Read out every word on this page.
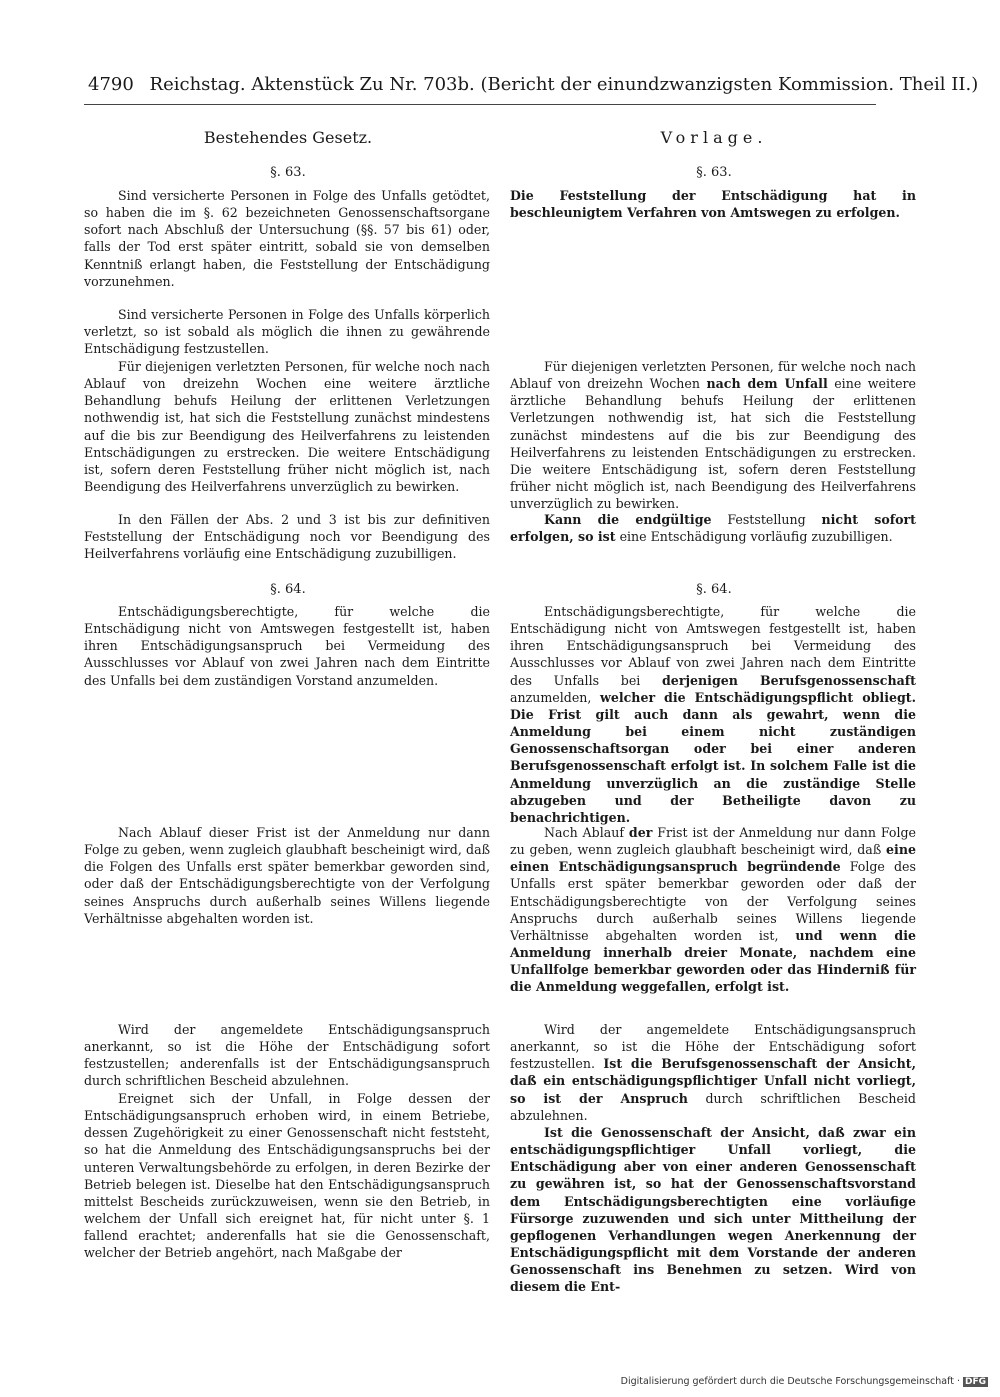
4790 Reichstag. Aktenstück Zu Nr. 703b. (Bericht der einundzwanzigsten Kommission. Theil II.)
Bestehendes Gesetz.	Vorlage.
§. 63.

Sind versicherte Personen in Folge des Unfalls getödtet, so haben die im §. 62 bezeichneten Genossenschaftsorgane sofort nach Abschluß der Untersuchung (§§. 57 bis 61) oder, falls der Tod erst später eintritt, sobald sie von demselben Kenntniß erlangt haben, die Feststellung der Entschädigung vorzunehmen.

Sind versicherte Personen in Folge des Unfalls körperlich verletzt, so ist sobald als möglich die ihnen zu gewährende Entschädigung festzustellen.

Für diejenigen verletzten Personen, für welche noch nach Ablauf von dreizehn Wochen eine weitere ärztliche Behandlung behufs Heilung der erlittenen Verletzungen nothwendig ist, hat sich die Feststellung zunächst mindestens auf die bis zur Beendigung des Heilverfahrens zu leistenden Entschädigungen zu erstrecken. Die weitere Entschädigung ist, sofern deren Feststellung früher nicht möglich ist, nach Beendigung des Heilverfahrens unverzüglich zu bewirken.

In den Fällen der Abs. 2 und 3 ist bis zur definitiven Feststellung der Entschädigung noch vor Beendigung des Heilverfahrens vorläufig eine Entschädigung zuzubilligen.

§. 64.

Entschädigungsberechtigte, für welche die Entschädigung nicht von Amtswegen festgestellt ist, haben ihren Entschädigungsanspruch bei Vermeidung des Ausschlusses vor Ablauf von zwei Jahren nach dem Eintritte des Unfalls bei dem zuständigen Vorstand anzumelden.

Nach Ablauf dieser Frist ist der Anmeldung nur dann Folge zu geben, wenn zugleich glaubhaft bescheinigt wird, daß die Folgen des Unfalls erst später bemerkbar geworden sind, oder daß der Entschädigungsberechtigte von der Verfolgung seines Anspruchs durch außerhalb seines Willens liegende Verhältnisse abgehalten worden ist.

Wird der angemeldete Entschädigungsanspruch anerkannt, so ist die Höhe der Entschädigung sofort festzustellen; anderenfalls ist der Entschädigungsanspruch durch schriftlichen Bescheid abzulehnen.

Ereignet sich der Unfall, in Folge dessen der Entschädigungsanspruch erhoben wird, in einem Betriebe, dessen Zugehörigkeit zu einer Genossenschaft nicht feststeht, so hat die Anmeldung des Entschädigungsanspruchs bei der unteren Verwaltungsbehörde zu erfolgen, in deren Bezirke der Betrieb belegen ist. Dieselbe hat den Entschädigungsanspruch mittelst Bescheids zurückzuweisen, wenn sie den Betrieb, in welchem der Unfall sich ereignet hat, für nicht unter §. 1 fallend erachtet; anderenfalls hat sie die Genossenschaft, welcher der Betrieb angehört, nach Maßgabe der

§. 63.

Die Feststellung der Entschädigung hat in beschleunigtem Verfahren von Amtswegen zu erfolgen.

Für diejenigen verletzten Personen, für welche noch nach Ablauf von dreizehn Wochen nach dem Unfall eine weitere ärztliche Behandlung behufs Heilung der erlittenen Verletzungen nothwendig ist, hat sich die Feststellung zunächst mindestens auf die bis zur Beendigung des Heilverfahrens zu leistenden Entschädigungen zu erstrecken. Die weitere Entschädigung ist, sofern deren Feststellung früher nicht möglich ist, nach Beendigung des Heilverfahrens unverzüglich zu bewirken.

Kann die endgültige Feststellung nicht sofort erfolgen, so ist eine Entschädigung vorläufig zuzubilligen.

§. 64.

Entschädigungsberechtigte, für welche die Entschädigung nicht von Amtswegen festgestellt ist, haben ihren Entschädigungsanspruch bei Vermeidung des Ausschlusses vor Ablauf von zwei Jahren nach dem Eintritte des Unfalls bei derjenigen Berufsgenossenschaft anzumelden, welcher die Entschädigungspflicht obliegt. Die Frist gilt auch dann als gewahrt, wenn die Anmeldung bei einem nicht zuständigen Genossenschaftsorgan oder bei einer anderen Berufsgenossenschaft erfolgt ist. In solchem Falle ist die Anmeldung unverzüglich an die zuständige Stelle abzugeben und der Betheiligte davon zu benachrichtigen.

Nach Ablauf der Frist ist der Anmeldung nur dann Folge zu geben, wenn zugleich glaubhaft bescheinigt wird, daß eine einen Entschädigungsanspruch begründende Folge des Unfalls erst später bemerkbar geworden oder daß der Entschädigungsberechtigte von der Verfolgung seines Anspruchs durch außerhalb seines Willens liegende Verhältnisse abgehalten worden ist, und wenn die Anmeldung innerhalb dreier Monate, nachdem eine Unfallfolge bemerkbar geworden oder das Hinderniß für die Anmeldung weggefallen, erfolgt ist.

Wird der angemeldete Entschädigungsanspruch anerkannt, so ist die Höhe der Entschädigung sofort festzustellen. Ist die Berufsgenossenschaft der Ansicht, daß ein entschädigungspflichtiger Unfall nicht vorliegt, so ist der Anspruch durch schriftlichen Bescheid abzulehnen.

Ist die Genossenschaft der Ansicht, daß zwar ein entschädigungspflichtiger Unfall vorliegt, die Entschädigung aber von einer anderen Genossenschaft zu gewähren ist, so hat der Genossenschaftsvorstand dem Entschädigungsberechtigten eine vorläufige Fürsorge zuzuwenden und sich unter Mittheilung der gepflogenen Verhandlungen wegen Anerkennung der Entschädigungspflicht mit dem Vorstande der anderen Genossenschaft ins Benehmen zu setzen. Wird von diesem die Ent-

Digitalisierung gefördert durch die Deutsche Forschungsgemeinschaft · DFG
